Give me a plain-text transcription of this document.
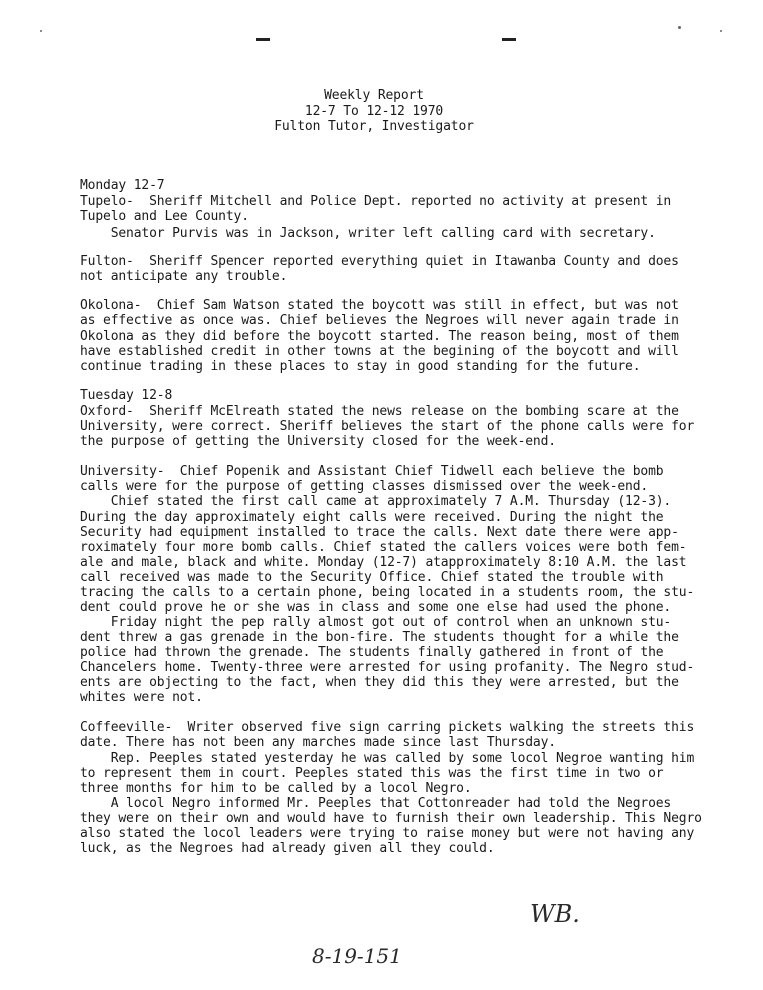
Weekly Report
12-7 To 12-12 1970
Fulton Tutor, Investigator
Monday 12-7
Tupelo-  Sheriff Mitchell and Police Dept. reported no activity at present in
Tupelo and Lee County.
Senator Purvis was in Jackson, writer left calling card with secretary.
Fulton-  Sheriff Spencer reported everything quiet in Itawanba County and does
not anticipate any trouble.
Okolona-  Chief Sam Watson stated the boycott was still in effect, but was not
as effective as once was. Chief believes the Negroes will never again trade in
Okolona as they did before the boycott started. The reason being, most of them
have established credit in other towns at the begining of the boycott and will
continue trading in these places to stay in good standing for the future.
Tuesday 12-8
Oxford-  Sheriff McElreath stated the news release on the bombing scare at the
University, were correct. Sheriff believes the start of the phone calls were for
the purpose of getting the University closed for the week-end.
University-  Chief Popenik and Assistant Chief Tidwell each believe the bomb
calls were for the purpose of getting classes dismissed over the week-end.
Chief stated the first call came at approximately 7 A.M. Thursday (12-3).
During the day approximately eight calls were received. During the night the
Security had equipment installed to trace the calls. Next date there were app-
roximately four more bomb calls. Chief stated the callers voices were both fem-
ale and male, black and white. Monday (12-7) atapproximately 8:10 A.M. the last
call received was made to the Security Office. Chief stated the trouble with
tracing the calls to a certain phone, being located in a students room, the stu-
dent could prove he or she was in class and some one else had used the phone.
Friday night the pep rally almost got out of control when an unknown stu-
dent threw a gas grenade in the bon-fire. The students thought for a while the
police had thrown the grenade. The students finally gathered in front of the
Chancelers home. Twenty-three were arrested for using profanity. The Negro stud-
ents are objecting to the fact, when they did this they were arrested, but the
whites were not.
Coffeeville-  Writer observed five sign carring pickets walking the streets this
date. There has not been any marches made since last Thursday.
Rep. Peeples stated yesterday he was called by some locol Negroe wanting him
to represent them in court. Peeples stated this was the first time in two or
three months for him to be called by a locol Negro.
A locol Negro informed Mr. Peeples that Cottonreader had told the Negroes
they were on their own and would have to furnish their own leadership. This Negro
also stated the locol leaders were trying to raise money but were not having any
luck, as the Negroes had already given all they could.
WB.
8-19-151
